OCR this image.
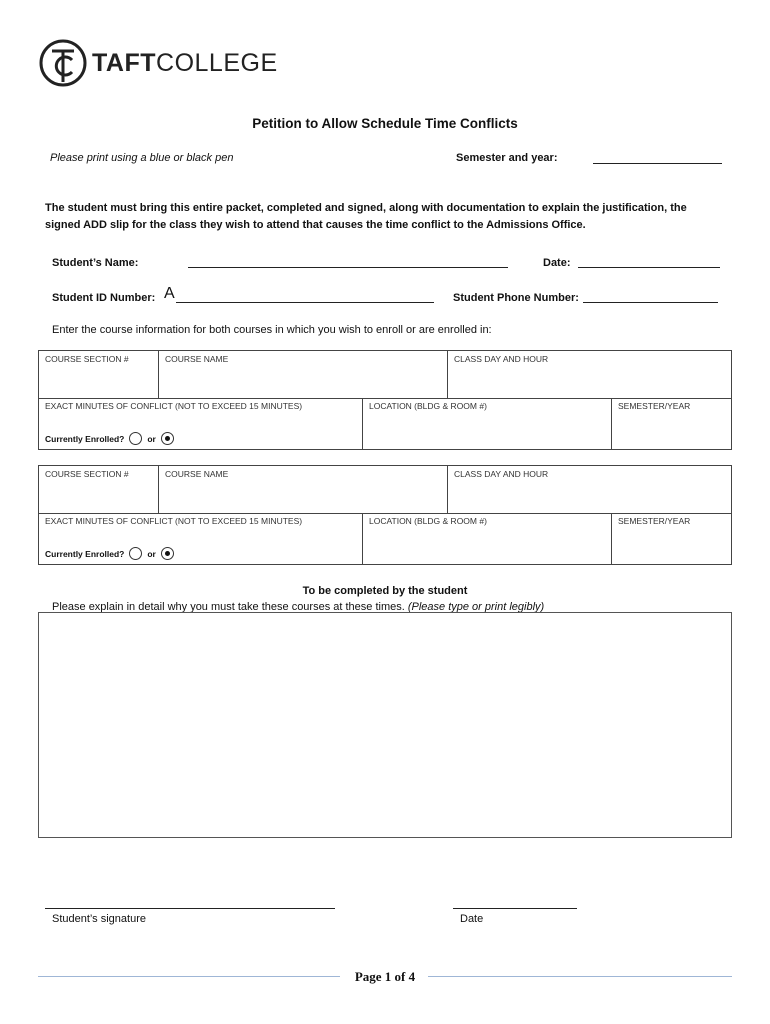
TAFTCOLLEGE
Petition to Allow Schedule Time Conflicts
Please print using a blue or black pen	Semester and year:
The student must bring this entire packet, completed and signed, along with documentation to explain the justification, the signed ADD slip for the class they wish to attend that causes the time conflict to the Admissions Office.
Student’s Name:	Date:
Student ID Number: A	Student Phone Number:
Enter the course information for both courses in which you wish to enroll or are enrolled in:
COURSE SECTION #	COURSE NAME	CLASS DAY AND HOUR
EXACT MINUTES OF CONFLICT (NOT TO EXCEED 15 MINUTES)	LOCATION (BLDG & ROOM #)	SEMESTER/YEAR
Currently Enrolled?	or
COURSE SECTION #	COURSE NAME	CLASS DAY AND HOUR
EXACT MINUTES OF CONFLICT (NOT TO EXCEED 15 MINUTES)	LOCATION (BLDG & ROOM #)	SEMESTER/YEAR
Currently Enrolled?	or
To be completed by the student
Please explain in detail why you must take these courses at these times. (Please type or print legibly)
Student’s signature	Date
Page 1 of 4
